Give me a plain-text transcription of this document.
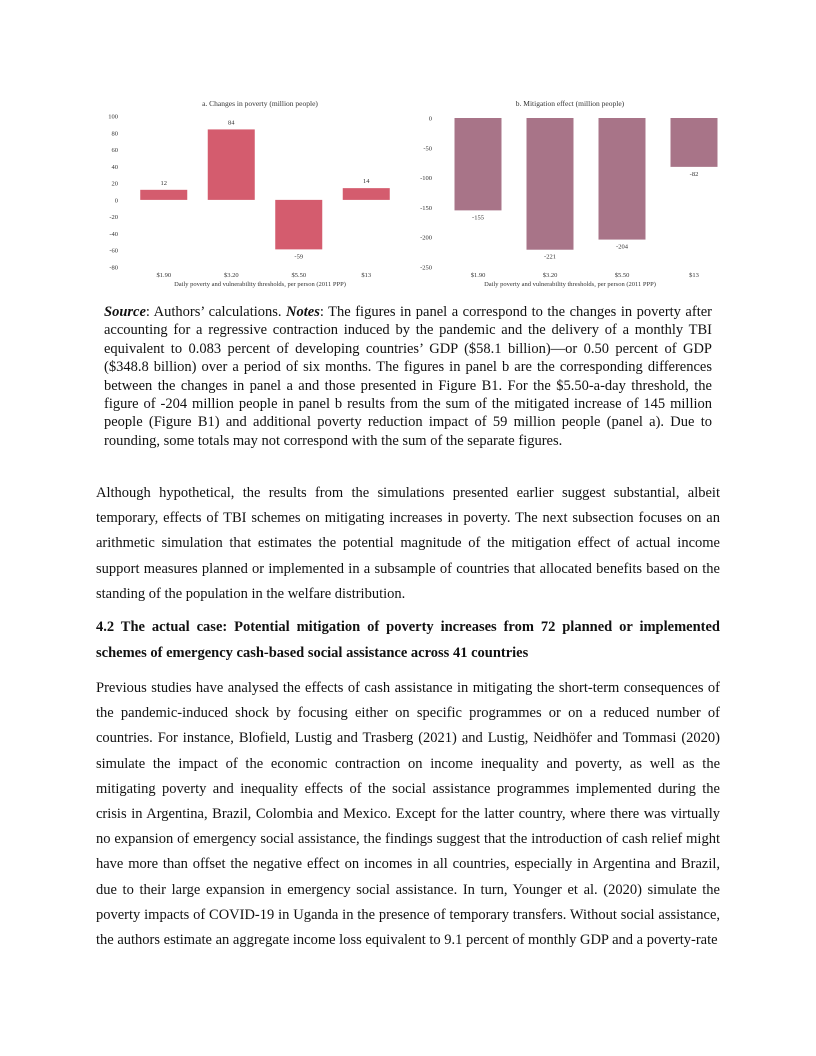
a. Changes in poverty (million people)
100
80
60
40
20
0
-20
-40
-60
-80
12
$1.90
84
$3.20
-59
$5.50
14
$13
Daily poverty and vulnerability thresholds, per person (2011 PPP)
b. Mitigation effect (million people)
0
-50
-100
-150
-200
-250
-155
$1.90
-221
$3.20
-204
$5.50
-82
$13
Daily poverty and vulnerability thresholds, per person (2011 PPP)

Source: Authors’ calculations. Notes: The figures in panel a correspond to the changes in poverty after accounting for a regressive contraction induced by the pandemic and the delivery of a monthly TBI equivalent to 0.083 percent of developing countries’ GDP ($58.1 billion)—or 0.50 percent of GDP ($348.8 billion) over a period of six months. The figures in panel b are the corresponding differences between the changes in panel a and those presented in Figure B1. For the $5.50-a-day threshold, the figure of -204 million people in panel b results from the sum of the mitigated increase of 145 million people (Figure B1) and additional poverty reduction impact of 59 million people (panel a). Due to rounding, some totals may not correspond with the sum of the separate figures.

Although hypothetical, the results from the simulations presented earlier suggest substantial, albeit temporary, effects of TBI schemes on mitigating increases in poverty. The next subsection focuses on an arithmetic simulation that estimates the potential magnitude of the mitigation effect of actual income support measures planned or implemented in a subsample of countries that allocated benefits based on the standing of the population in the welfare distribution.

4.2 The actual case: Potential mitigation of poverty increases from 72 planned or implemented schemes of emergency cash-based social assistance across 41 countries

Previous studies have analysed the effects of cash assistance in mitigating the short-term consequences of the pandemic-induced shock by focusing either on specific programmes or on a reduced number of countries. For instance, Blofield, Lustig and Trasberg (2021) and Lustig, Neidhöfer and Tommasi (2020) simulate the impact of the economic contraction on income inequality and poverty, as well as the mitigating poverty and inequality effects of the social assistance programmes implemented during the crisis in Argentina, Brazil, Colombia and Mexico. Except for the latter country, where there was virtually no expansion of emergency social assistance, the findings suggest that the introduction of cash relief might have more than offset the negative effect on incomes in all countries, especially in Argentina and Brazil, due to their large expansion in emergency social assistance. In turn, Younger et al. (2020) simulate the poverty impacts of COVID-19 in Uganda in the presence of temporary transfers. Without social assistance, the authors estimate an aggregate income loss equivalent to 9.1 percent of monthly GDP and a poverty-rate
